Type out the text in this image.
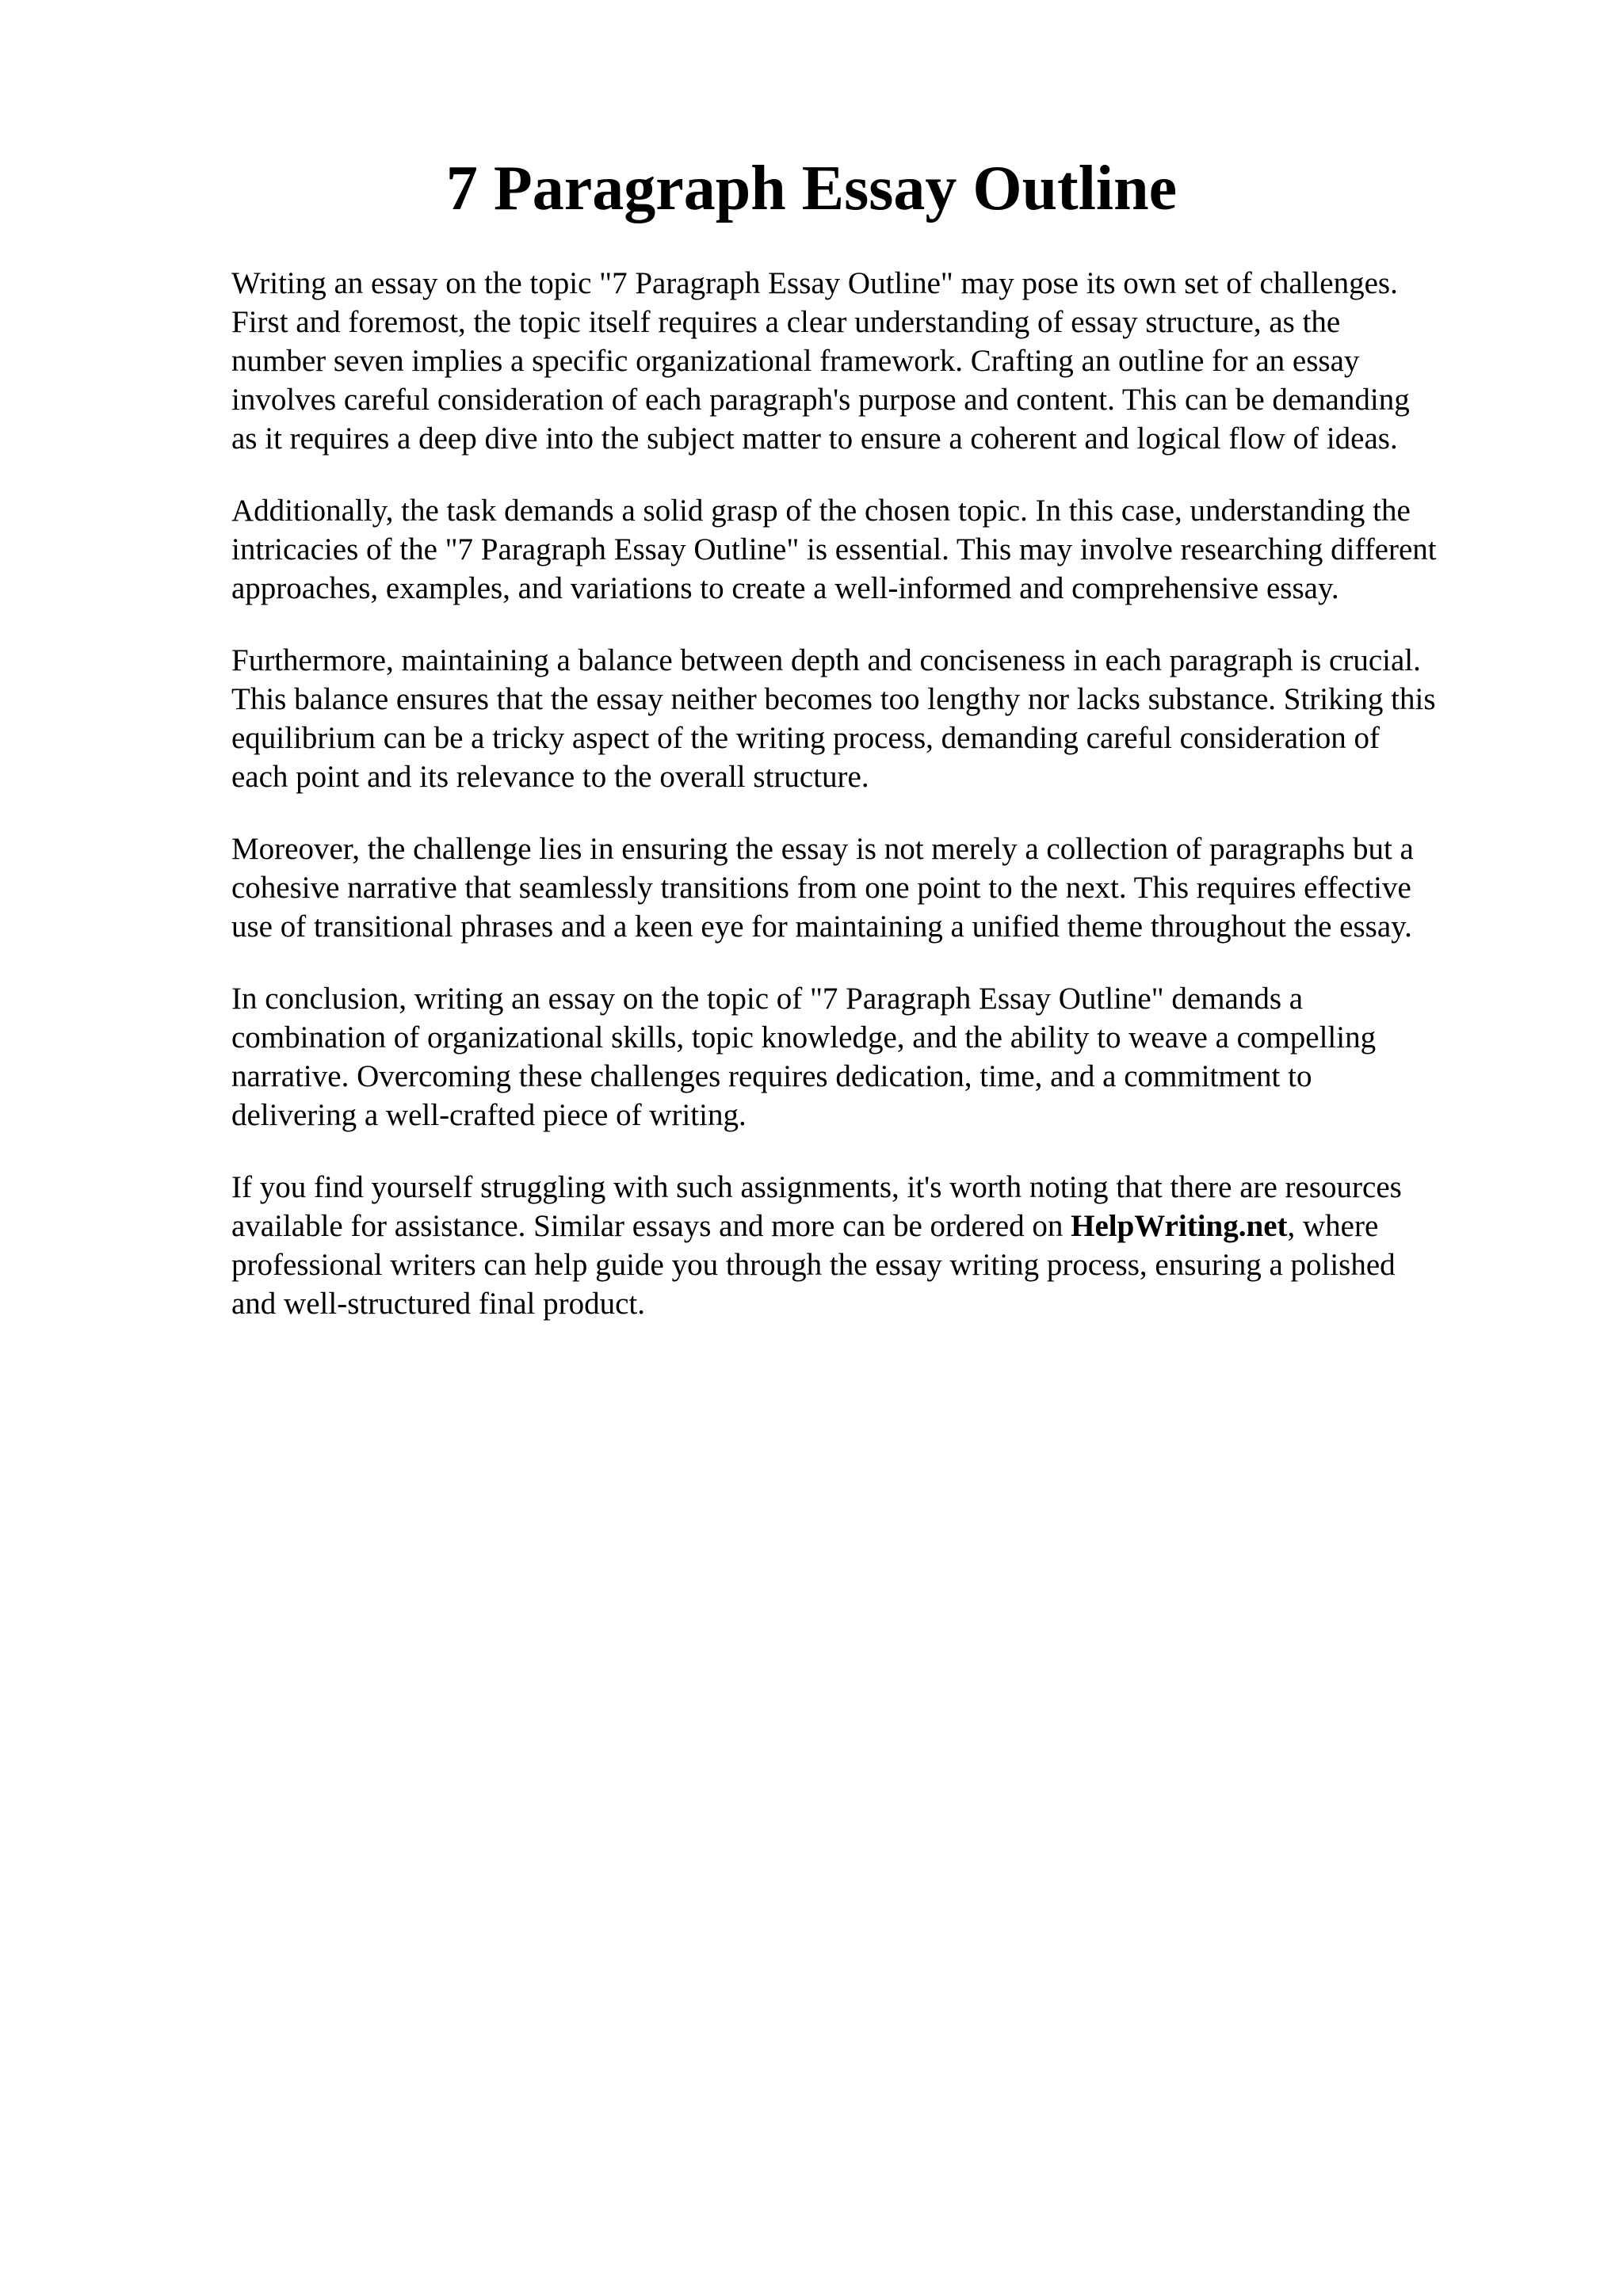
7 Paragraph Essay Outline

Writing an essay on the topic "7 Paragraph Essay Outline" may pose its own set of challenges.
First and foremost, the topic itself requires a clear understanding of essay structure, as the
number seven implies a specific organizational framework. Crafting an outline for an essay
involves careful consideration of each paragraph's purpose and content. This can be demanding
as it requires a deep dive into the subject matter to ensure a coherent and logical flow of ideas.

Additionally, the task demands a solid grasp of the chosen topic. In this case, understanding the
intricacies of the "7 Paragraph Essay Outline" is essential. This may involve researching different
approaches, examples, and variations to create a well-informed and comprehensive essay.

Furthermore, maintaining a balance between depth and conciseness in each paragraph is crucial.
This balance ensures that the essay neither becomes too lengthy nor lacks substance. Striking this
equilibrium can be a tricky aspect of the writing process, demanding careful consideration of
each point and its relevance to the overall structure.

Moreover, the challenge lies in ensuring the essay is not merely a collection of paragraphs but a
cohesive narrative that seamlessly transitions from one point to the next. This requires effective
use of transitional phrases and a keen eye for maintaining a unified theme throughout the essay.

In conclusion, writing an essay on the topic of "7 Paragraph Essay Outline" demands a
combination of organizational skills, topic knowledge, and the ability to weave a compelling
narrative. Overcoming these challenges requires dedication, time, and a commitment to
delivering a well-crafted piece of writing.

If you find yourself struggling with such assignments, it's worth noting that there are resources
available for assistance. Similar essays and more can be ordered on HelpWriting.net, where
professional writers can help guide you through the essay writing process, ensuring a polished
and well-structured final product.
